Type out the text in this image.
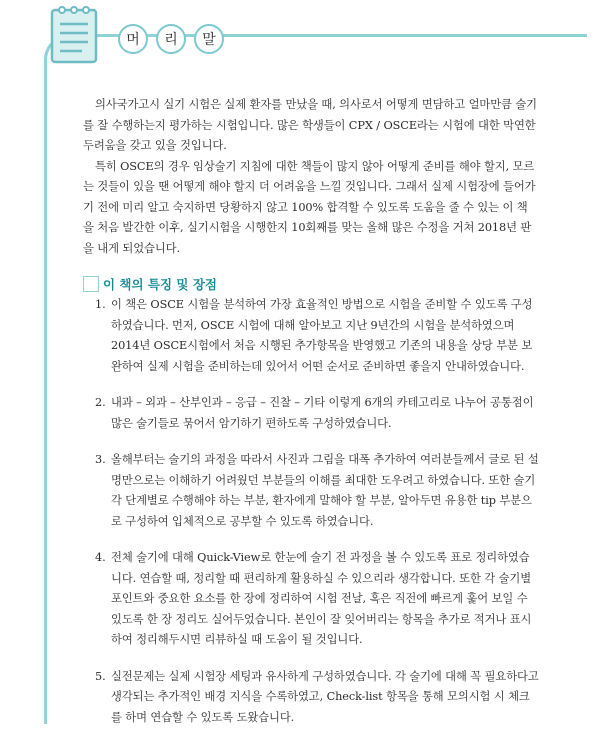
머	리	말

의사국가고시 실기 시험은 실제 환자를 만났을 때, 의사로서 어떻게 면담하고 얼마만큼 술기를 잘 수행하는지 평가하는 시험입니다. 많은 학생들이 CPX / OSCE라는 시험에 대한 막연한 두려움을 갖고 있을 것입니다.

특히 OSCE의 경우 임상술기 지침에 대한 책들이 많지 않아 어떻게 준비를 해야 할지, 모르는 것들이 있을 땐 어떻게 해야 할지 더 어려움을 느낄 것입니다. 그래서 실제 시험장에 들어가기 전에 미리 알고 숙지하면 당황하지 않고 100% 합격할 수 있도록 도움을 줄 수 있는 이 책을 처음 발간한 이후, 실기시험을 시행한지 10회째를 맞는 올해 많은 수정을 거쳐 2018년 판을 내게 되었습니다.

이 책의 특징 및 장점
1. 이 책은 OSCE 시험을 분석하여 가장 효율적인 방법으로 시험을 준비할 수 있도록 구성하였습니다. 먼저, OSCE 시험에 대해 알아보고 지난 9년간의 시험을 분석하였으며 2014년 OSCE시험에서 처음 시행된 추가항목을 반영했고 기존의 내용을 상당 부분 보완하여 실제 시험을 준비하는데 있어서 어떤 순서로 준비하면 좋을지 안내하였습니다.
2. 내과 – 외과 – 산부인과 – 응급 – 진찰 – 기타 이렇게 6개의 카테고리로 나누어 공통점이 많은 술기들로 묶어서 암기하기 편하도록 구성하였습니다.
3. 올해부터는 술기의 과정을 따라서 사진과 그림을 대폭 추가하여 여러분들께서 글로 된 설명만으로는 이해하기 어려웠던 부분들의 이해를 최대한 도우려고 하였습니다. 또한 술기 각 단계별로 수행해야 하는 부분, 환자에게 말해야 할 부분, 알아두면 유용한 tip 부분으로 구성하여 입체적으로 공부할 수 있도록 하였습니다.
4. 전체 술기에 대해 Quick-View로 한눈에 술기 전 과정을 볼 수 있도록 표로 정리하였습니다. 연습할 때, 정리할 때 편리하게 활용하실 수 있으리라 생각합니다. 또한 각 술기별 포인트와 중요한 요소를 한 장에 정리하여 시험 전날, 혹은 직전에 빠르게 훑어 보일 수 있도록 한 장 정리도 실어두었습니다. 본인이 잘 잊어버리는 항목을 추가로 적거나 표시하여 정리해두시면 리뷰하실 때 도움이 될 것입니다.
5. 실전문제는 실제 시험장 세팅과 유사하게 구성하였습니다. 각 술기에 대해 꼭 필요하다고 생각되는 추가적인 배경 지식을 수록하였고, Check-list 항목을 통해 모의시험 시 체크를 하며 연습할 수 있도록 도왔습니다.
